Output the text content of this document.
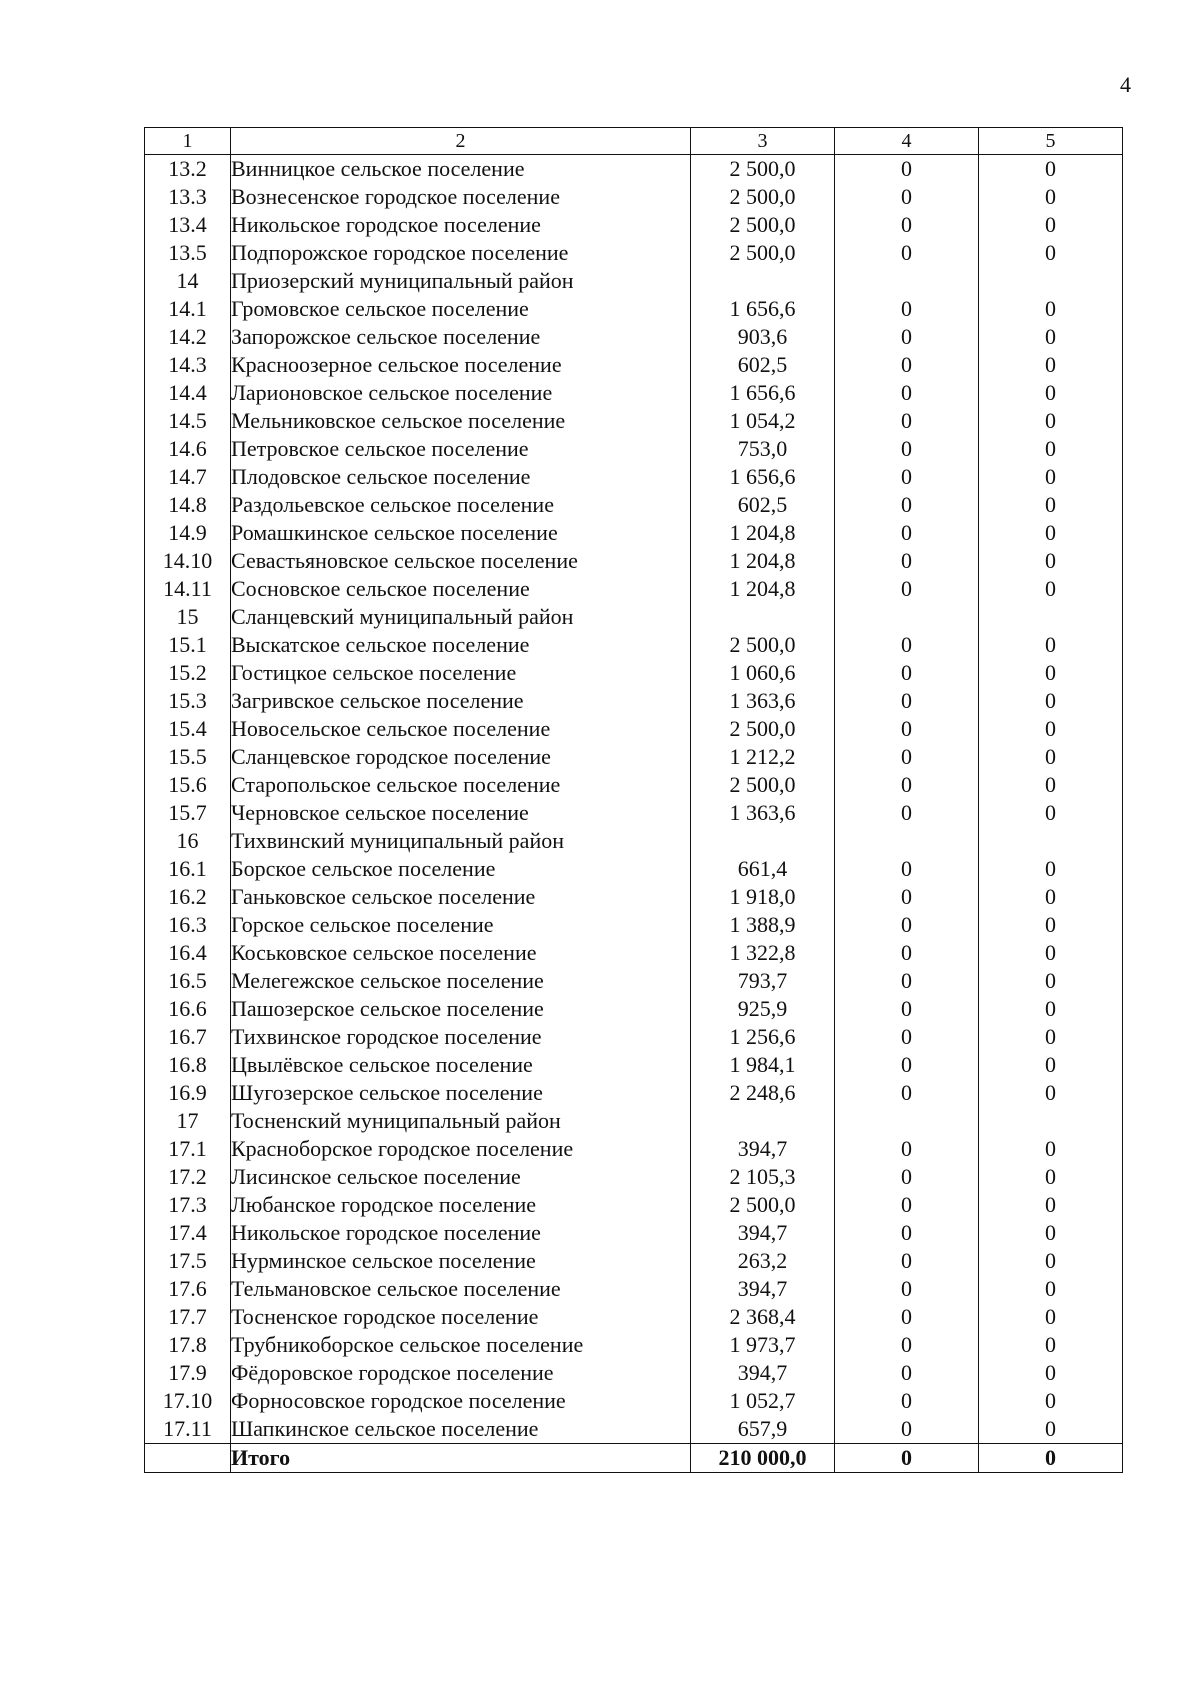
4
1	2	3	4	5
13.2	Винницкое сельское поселение	2 500,0	0	0
13.3	Вознесенское городское поселение	2 500,0	0	0
13.4	Никольское городское поселение	2 500,0	0	0
13.5	Подпорожское городское поселение	2 500,0	0	0
14	Приозерский муниципальный район			
14.1	Громовское сельское поселение	1 656,6	0	0
14.2	Запорожское сельское поселение	903,6	0	0
14.3	Красноозерное сельское поселение	602,5	0	0
14.4	Ларионовское сельское поселение	1 656,6	0	0
14.5	Мельниковское сельское поселение	1 054,2	0	0
14.6	Петровское сельское поселение	753,0	0	0
14.7	Плодовское сельское поселение	1 656,6	0	0
14.8	Раздольевское сельское поселение	602,5	0	0
14.9	Ромашкинское сельское поселение	1 204,8	0	0
14.10	Севастьяновское сельское поселение	1 204,8	0	0
14.11	Сосновское сельское поселение	1 204,8	0	0
15	Сланцевский муниципальный район			
15.1	Выскатское сельское поселение	2 500,0	0	0
15.2	Гостицкое сельское поселение	1 060,6	0	0
15.3	Загривское сельское поселение	1 363,6	0	0
15.4	Новосельское сельское поселение	2 500,0	0	0
15.5	Сланцевское городское поселение	1 212,2	0	0
15.6	Старопольское сельское поселение	2 500,0	0	0
15.7	Черновское сельское поселение	1 363,6	0	0
16	Тихвинский муниципальный район			
16.1	Борское сельское поселение	661,4	0	0
16.2	Ганьковское сельское поселение	1 918,0	0	0
16.3	Горское сельское поселение	1 388,9	0	0
16.4	Коськовское сельское поселение	1 322,8	0	0
16.5	Мелегежское сельское поселение	793,7	0	0
16.6	Пашозерское сельское поселение	925,9	0	0
16.7	Тихвинское городское поселение	1 256,6	0	0
16.8	Цвылёвское сельское поселение	1 984,1	0	0
16.9	Шугозерское сельское поселение	2 248,6	0	0
17	Тосненский муниципальный район			
17.1	Красноборское городское поселение	394,7	0	0
17.2	Лисинское сельское поселение	2 105,3	0	0
17.3	Любанское городское поселение	2 500,0	0	0
17.4	Никольское городское поселение	394,7	0	0
17.5	Нурминское сельское поселение	263,2	0	0
17.6	Тельмановское сельское поселение	394,7	0	0
17.7	Тосненское городское поселение	2 368,4	0	0
17.8	Трубникоборское сельское поселение	1 973,7	0	0
17.9	Фёдоровское городское поселение	394,7	0	0
17.10	Форносовское городское поселение	1 052,7	0	0
17.11	Шапкинское сельское поселение	657,9	0	0
	Итого	210 000,0	0	0
